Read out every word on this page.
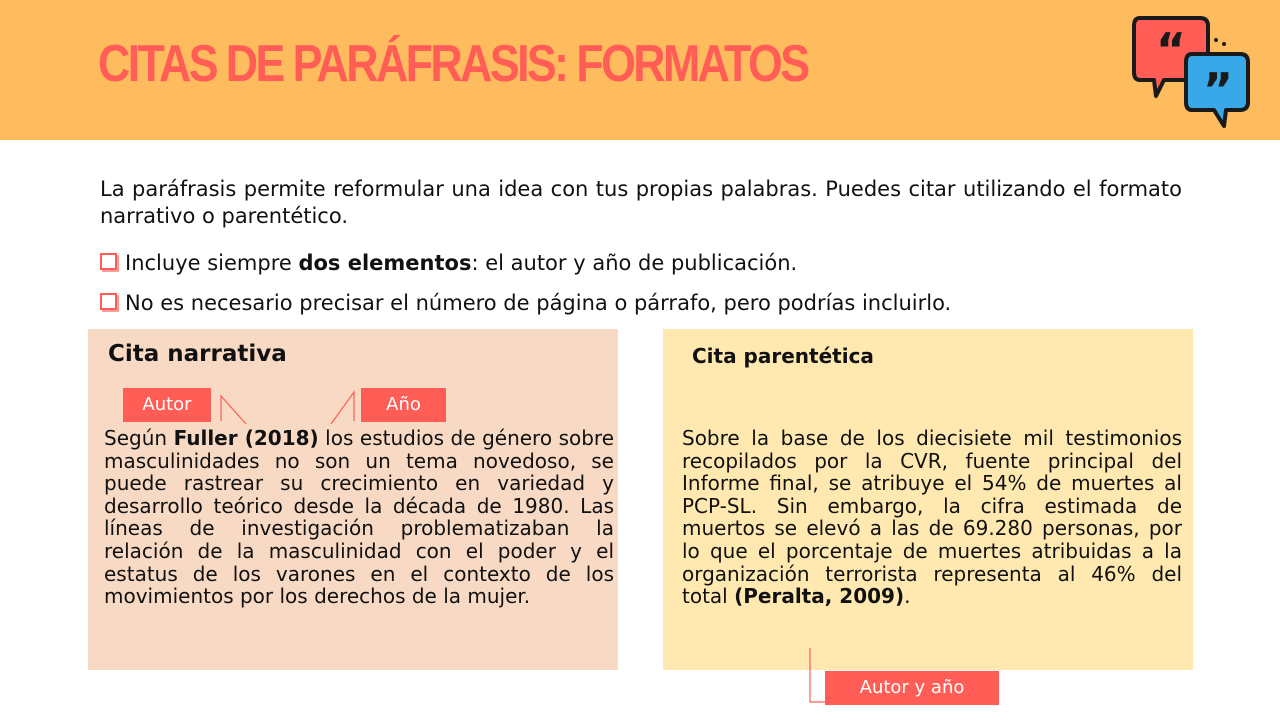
CITAS DE PARÁFRASIS: FORMATOS	“
”

La paráfrasis permite reformular una idea con tus propias palabras. Puedes citar utilizando el formato narrativo o parentético.

Incluye siempre dos elementos: el autor y año de publicación.

No es necesario precisar el número de página o párrafo, pero podrías incluirlo.

Cita narrativa

Según Fuller (2018) los estudios de género sobre masculinidades no son un tema novedoso, se puede rastrear su crecimiento en variedad y desarrollo teórico desde la década de 1980. Las líneas de investigación problematizaban la relación de la masculinidad con el poder y el estatus de los varones en el contexto de los movimientos por los derechos de la mujer.

Cita parentética

Sobre la base de los diecisiete mil testimonios recopilados por la CVR, fuente principal del Informe final, se atribuye el 54% de muertes al PCP-SL. Sin embargo, la cifra estimada de muertos se elevó a las de 69.280 personas, por lo que el porcentaje de muertes atribuidas a la organización terrorista representa al 46% del total (Peralta, 2009).

Autor	Año

Autor y año
